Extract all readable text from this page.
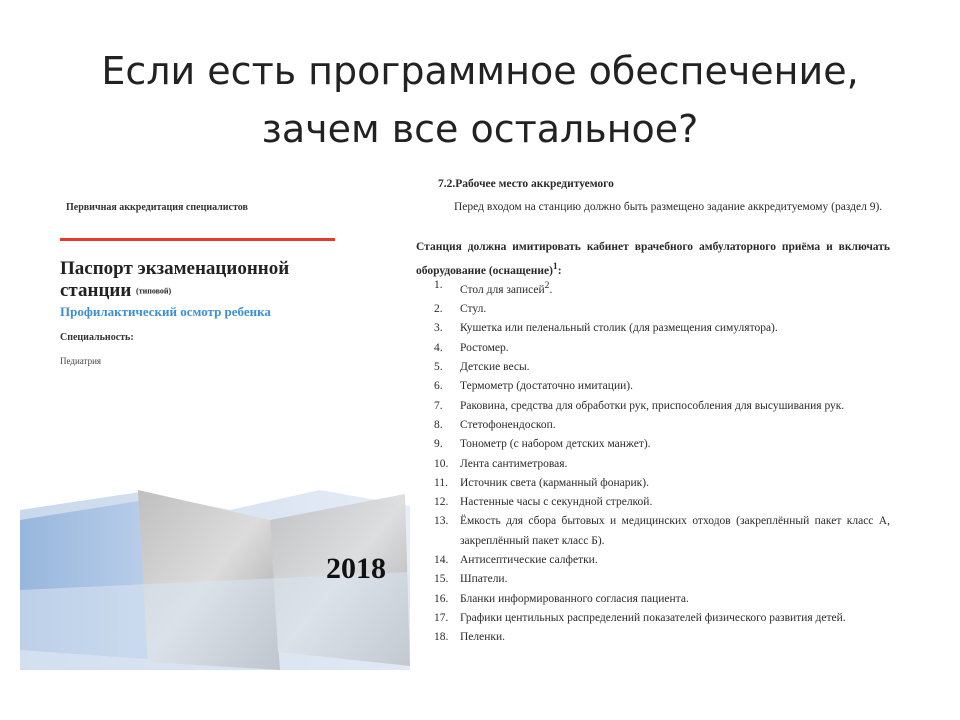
Если есть программное обеспечение,
зачем все остальное?
Первичная аккредитация специалистов
Паспорт экзаменационной
станции (типовой)
Профилактический осмотр ребенка
Специальность:
Педиатрия
2018
7.2.Рабочее место аккредитуемого
Перед входом на станцию должно быть размещено задание аккредитуемому (раздел 9).
Станция должна имитировать кабинет врачебного амбулаторного приёма и включать оборудование (оснащение)$^1$:
1. Стол для записей$^2$.
2. Стул.
3. Кушетка или пеленальный столик (для размещения симулятора).
4. Ростомер.
5. Детские весы.
6. Термометр (достаточно имитации).
7. Раковина, средства для обработки рук, приспособления для высушивания рук.
8. Стетофонендоскоп.
9. Тонометр (с набором детских манжет).
10. Лента сантиметровая.
11. Источник света (карманный фонарик).
12. Настенные часы с секундной стрелкой.
13. Ёмкость для сбора бытовых и медицинских отходов (закреплённый пакет класс А, закреплённый пакет класс Б).
14. Антисептические салфетки.
15. Шпатели.
16. Бланки информированного согласия пациента.
17. Графики центильных распределений показателей физического развития детей.
18. Пеленки.
